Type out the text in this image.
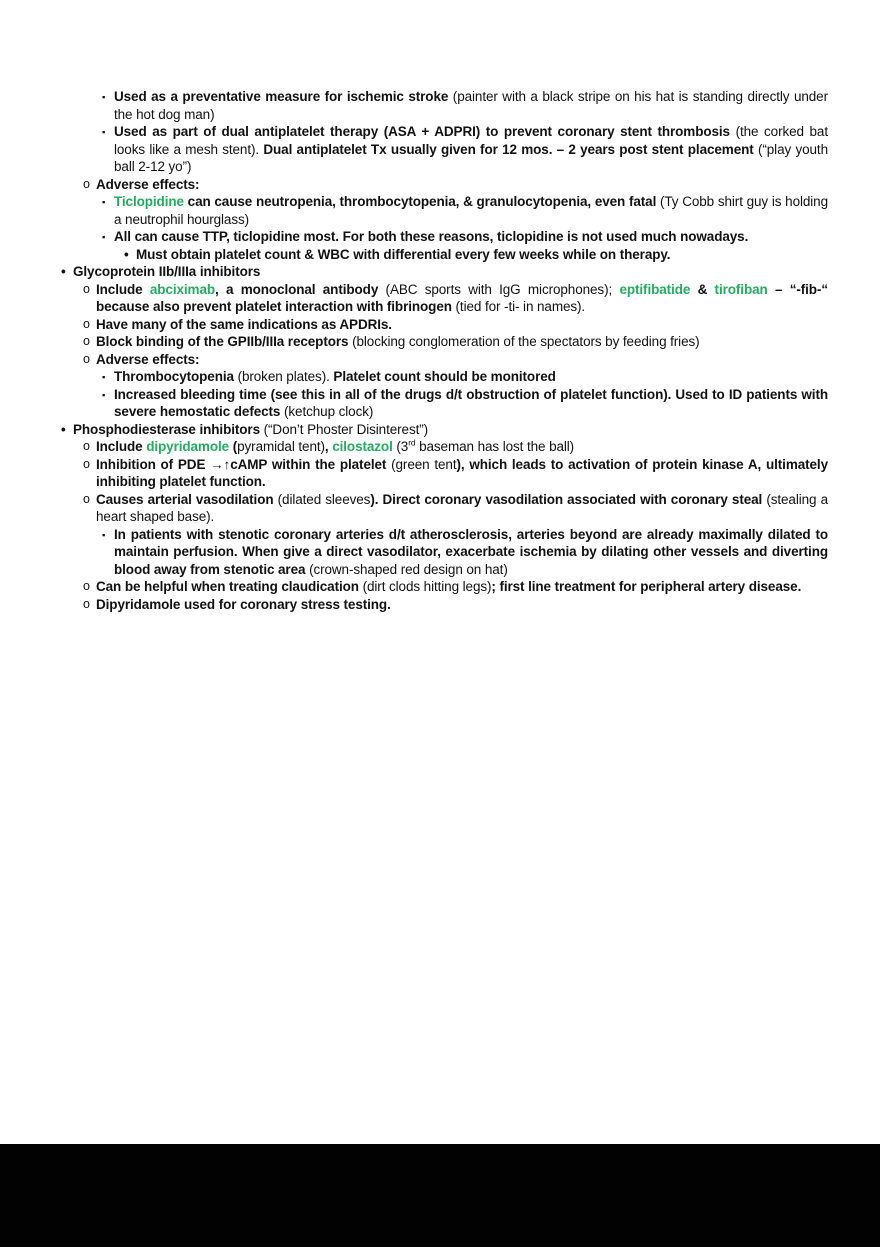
▪ Used as a preventative measure for ischemic stroke (painter with a black stripe on his hat is standing directly under the hot dog man)
▪ Used as part of dual antiplatelet therapy (ASA + ADPRI) to prevent coronary stent thrombosis (the corked bat looks like a mesh stent). Dual antiplatelet Tx usually given for 12 mos. – 2 years post stent placement (“play youth ball 2-12 yo”)
o Adverse effects:
▪ Ticlopidine can cause neutropenia, thrombocytopenia, & granulocytopenia, even fatal (Ty Cobb shirt guy is holding a neutrophil hourglass)
▪ All can cause TTP, ticlopidine most. For both these reasons, ticlopidine is not used much nowadays.
• Must obtain platelet count & WBC with differential every few weeks while on therapy.
• Glycoprotein IIb/IIIa inhibitors
o Include abciximab, a monoclonal antibody (ABC sports with IgG microphones); eptifibatide & tirofiban – “-fib-“ because also prevent platelet interaction with fibrinogen (tied for -ti- in names).
o Have many of the same indications as APDRIs.
o Block binding of the GPIIb/IIIa receptors (blocking conglomeration of the spectators by feeding fries)
o Adverse effects:
▪ Thrombocytopenia (broken plates). Platelet count should be monitored
▪ Increased bleeding time (see this in all of the drugs d/t obstruction of platelet function). Used to ID patients with severe hemostatic defects (ketchup clock)
• Phosphodiesterase inhibitors (“Don’t Phoster Disinterest”)
o Include dipyridamole (pyramidal tent), cilostazol (3rd baseman has lost the ball)
o Inhibition of PDE →↑cAMP within the platelet (green tent), which leads to activation of protein kinase A, ultimately inhibiting platelet function.
o Causes arterial vasodilation (dilated sleeves). Direct coronary vasodilation associated with coronary steal (stealing a heart shaped base).
▪ In patients with stenotic coronary arteries d/t atherosclerosis, arteries beyond are already maximally dilated to maintain perfusion. When give a direct vasodilator, exacerbate ischemia by dilating other vessels and diverting blood away from stenotic area (crown-shaped red design on hat)
o Can be helpful when treating claudication (dirt clods hitting legs); first line treatment for peripheral artery disease.
o Dipyridamole used for coronary stress testing.
